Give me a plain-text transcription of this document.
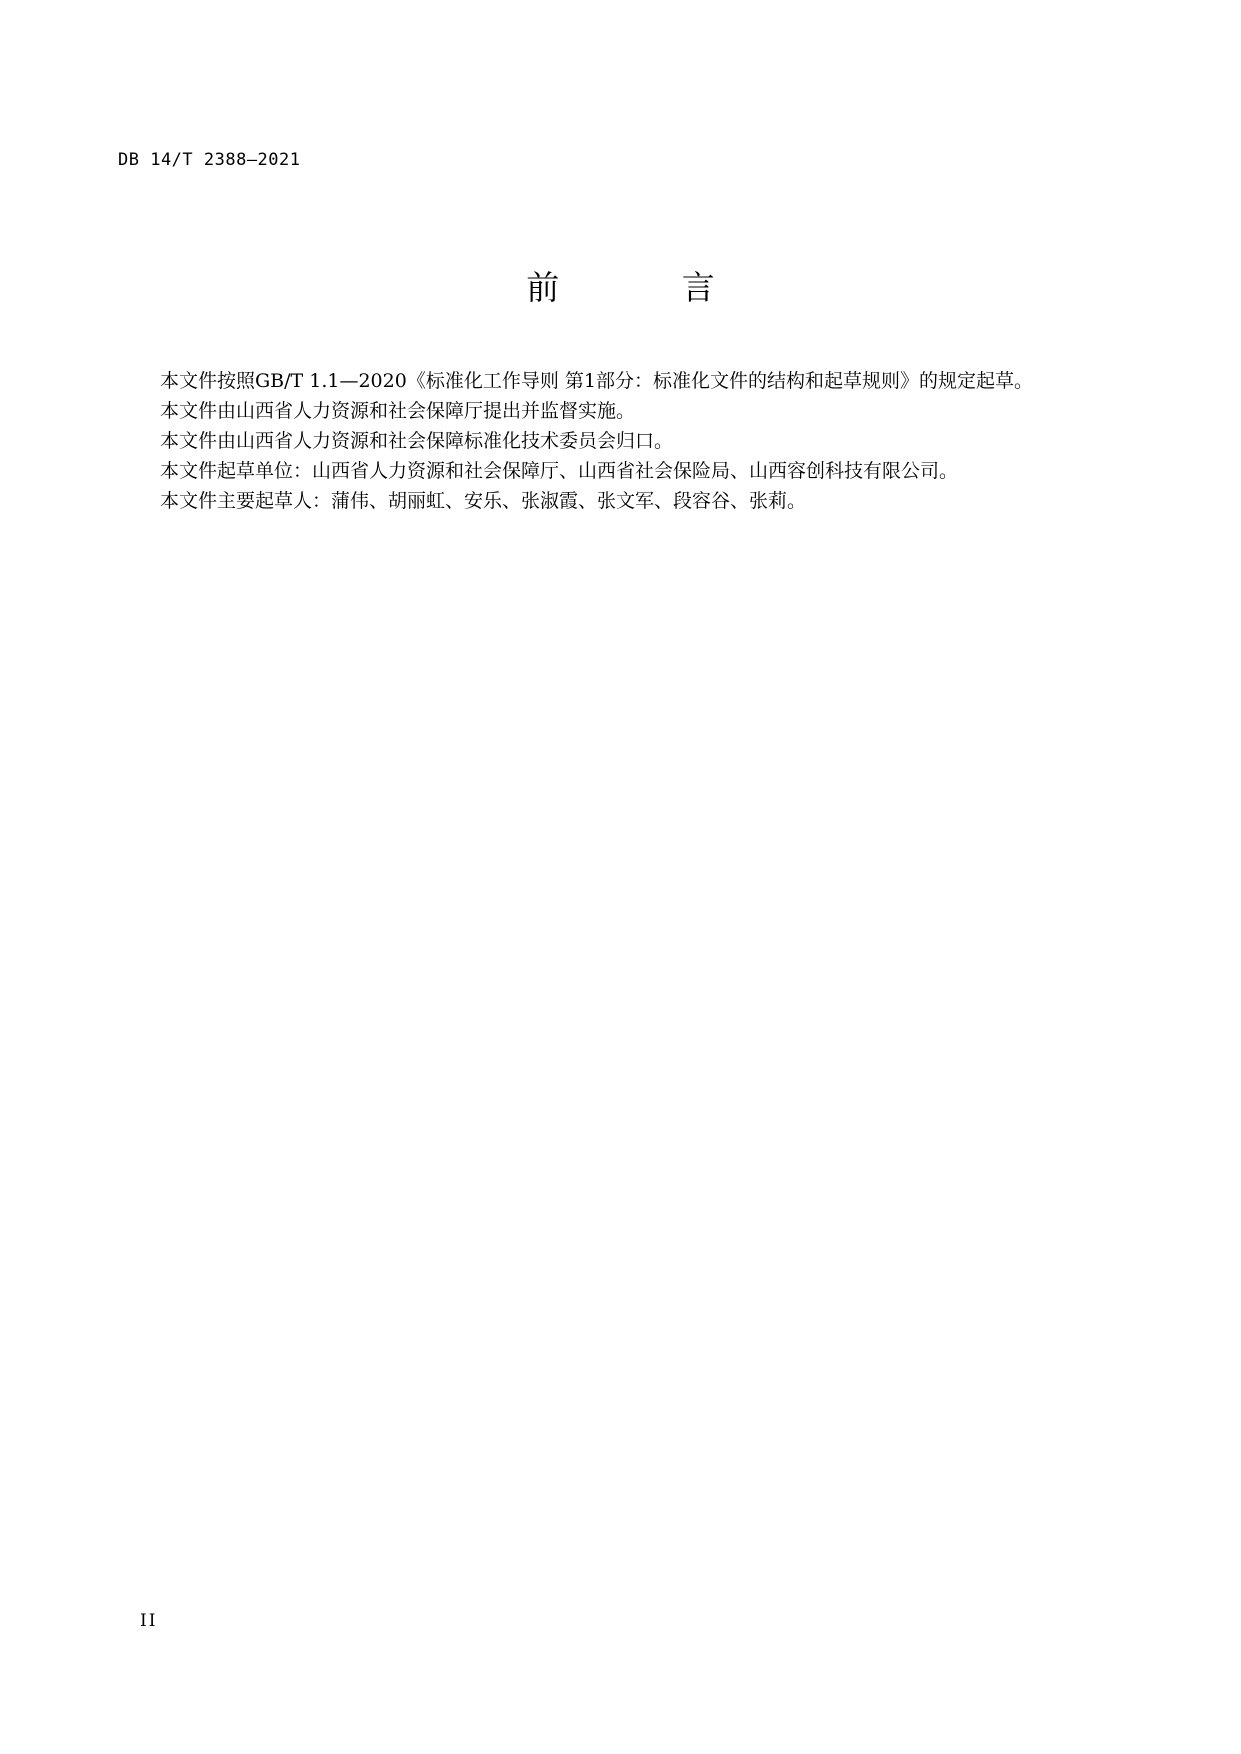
DB 14/T 2388—2021
前 言

本文件按照GB/T 1.1—2020《标准化工作导则 第1部分：标准化文件的结构和起草规则》的规定起草。

本文件由山西省人力资源和社会保障厅提出并监督实施。

本文件由山西省人力资源和社会保障标准化技术委员会归口。

本文件起草单位：山西省人力资源和社会保障厅、山西省社会保险局、山西容创科技有限公司。

本文件主要起草人：蒲伟、胡丽虹、安乐、张淑霞、张文军、段容谷、张莉。

II
